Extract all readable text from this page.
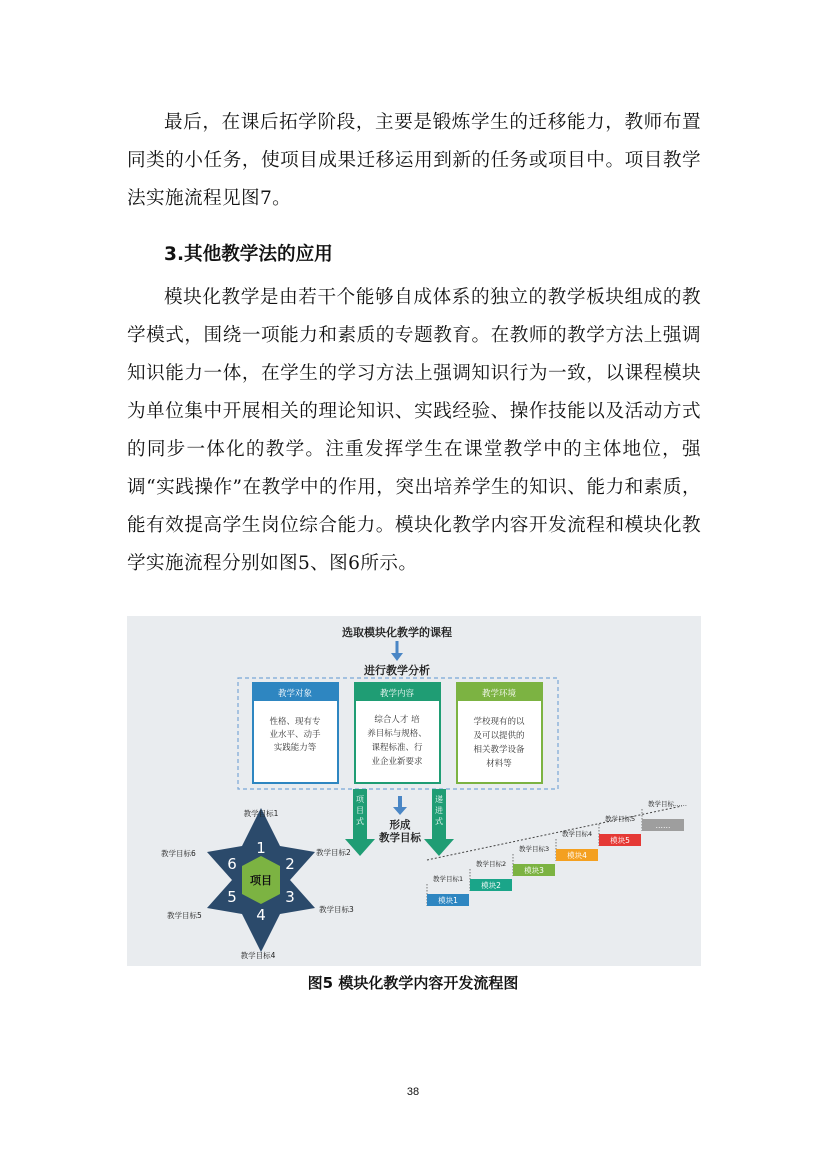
最后，在课后拓学阶段，主要是锻炼学生的迁移能力，教师布置同类的小任务，使项目成果迁移运用到新的任务或项目中。项目教学法实施流程见图7。

3.其他教学法的应用

模块化教学是由若干个能够自成体系的独立的教学板块组成的教学模式，围绕一项能力和素质的专题教育。在教师的教学方法上强调知识能力一体，在学生的学习方法上强调知识行为一致，以课程模块为单位集中开展相关的理论知识、实践经验、操作技能以及活动方式的同步一体化的教学。注重发挥学生在课堂教学中的主体地位，强调“实践操作”在教学中的作用，突出培养学生的知识、能力和素质，能有效提高学生岗位综合能力。模块化教学内容开发流程和模块化教学实施流程分别如图5、图6所示。

选取模块化教学的课程
进行教学分析
教学对象
性格、现有专
业水平、动手
实践能力等
教学内容
综合人才 培
养目标与规格、
课程标准、行
业企业新要求
教学环境
学校现有的以
及可以提供的
相关教学设备
材料等
项
目
式 形成
教学目标
递
进
式
项目
1
2
3
4
5
6
教学目标1
教学目标2
教学目标3
教学目标4
教学目标5
教学目标6
模块1
教学目标1
模块2
教学目标2
模块3
教学目标3
模块4
教学目标4
模块5
教学目标5
……
教学目标……

图5 模块化教学内容开发流程图

38
